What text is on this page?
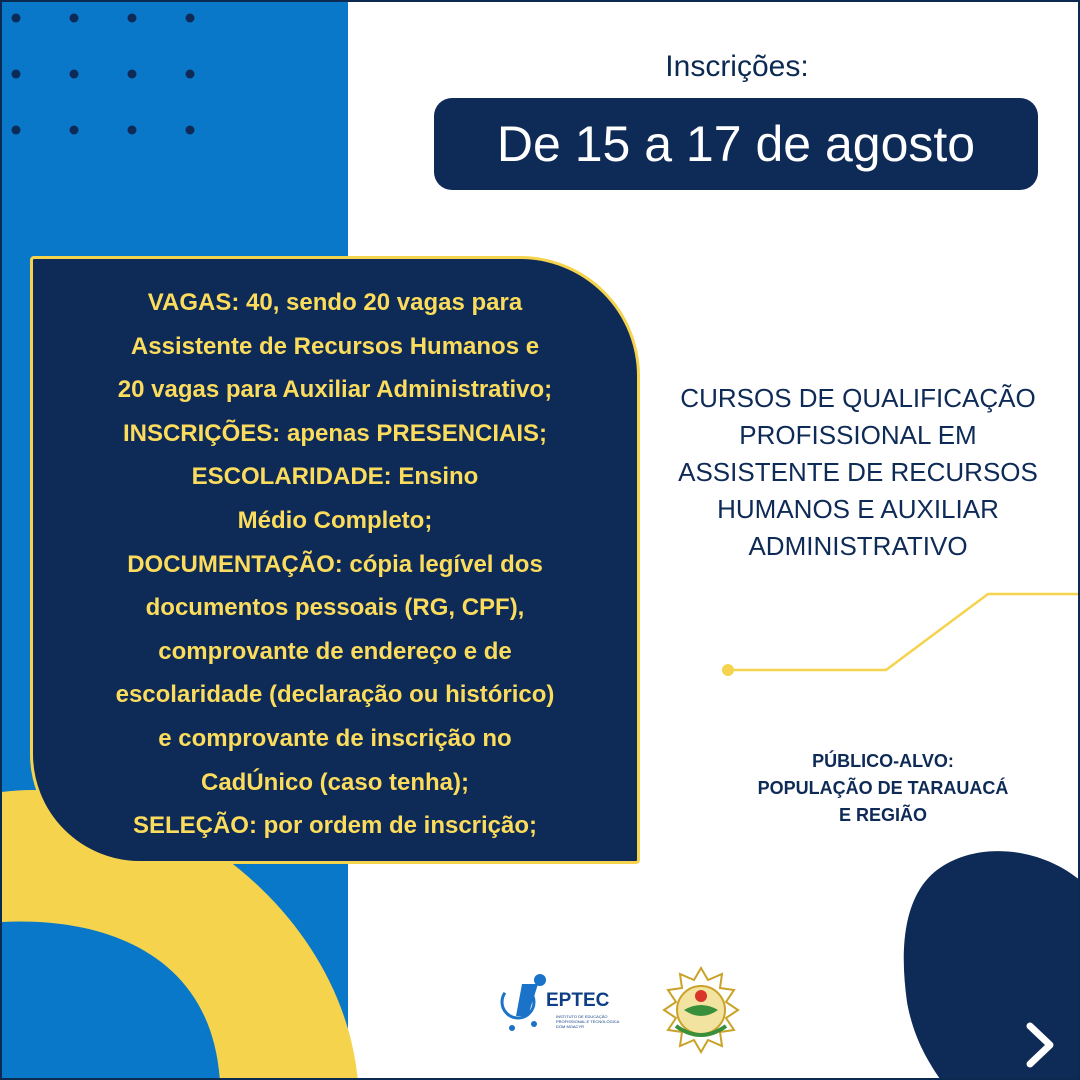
Inscrições:
De 15 a 17 de agosto
VAGAS: 40, sendo 20 vagas para
Assistente de Recursos Humanos e
20 vagas para Auxiliar Administrativo;
INSCRIÇÕES: apenas PRESENCIAIS;
ESCOLARIDADE: Ensino
Médio Completo;
DOCUMENTAÇÃO: cópia legível dos
documentos pessoais (RG, CPF),
comprovante de endereço e de
escolaridade (declaração ou histórico)
e comprovante de inscrição no
CadÚnico (caso tenha);
SELEÇÃO: por ordem de inscrição;
CURSOS DE QUALIFICAÇÃO
PROFISSIONAL EM
ASSISTENTE DE RECURSOS
HUMANOS E AUXILIAR
ADMINISTRATIVO
PÚBLICO-ALVO:
POPULAÇÃO DE TARAUACÁ
E REGIÃO
EPTEC
INSTITUTO DE EDUCAÇÃO
PROFISSIONAL E TECNOLÓGICA
DOM MOACYR
